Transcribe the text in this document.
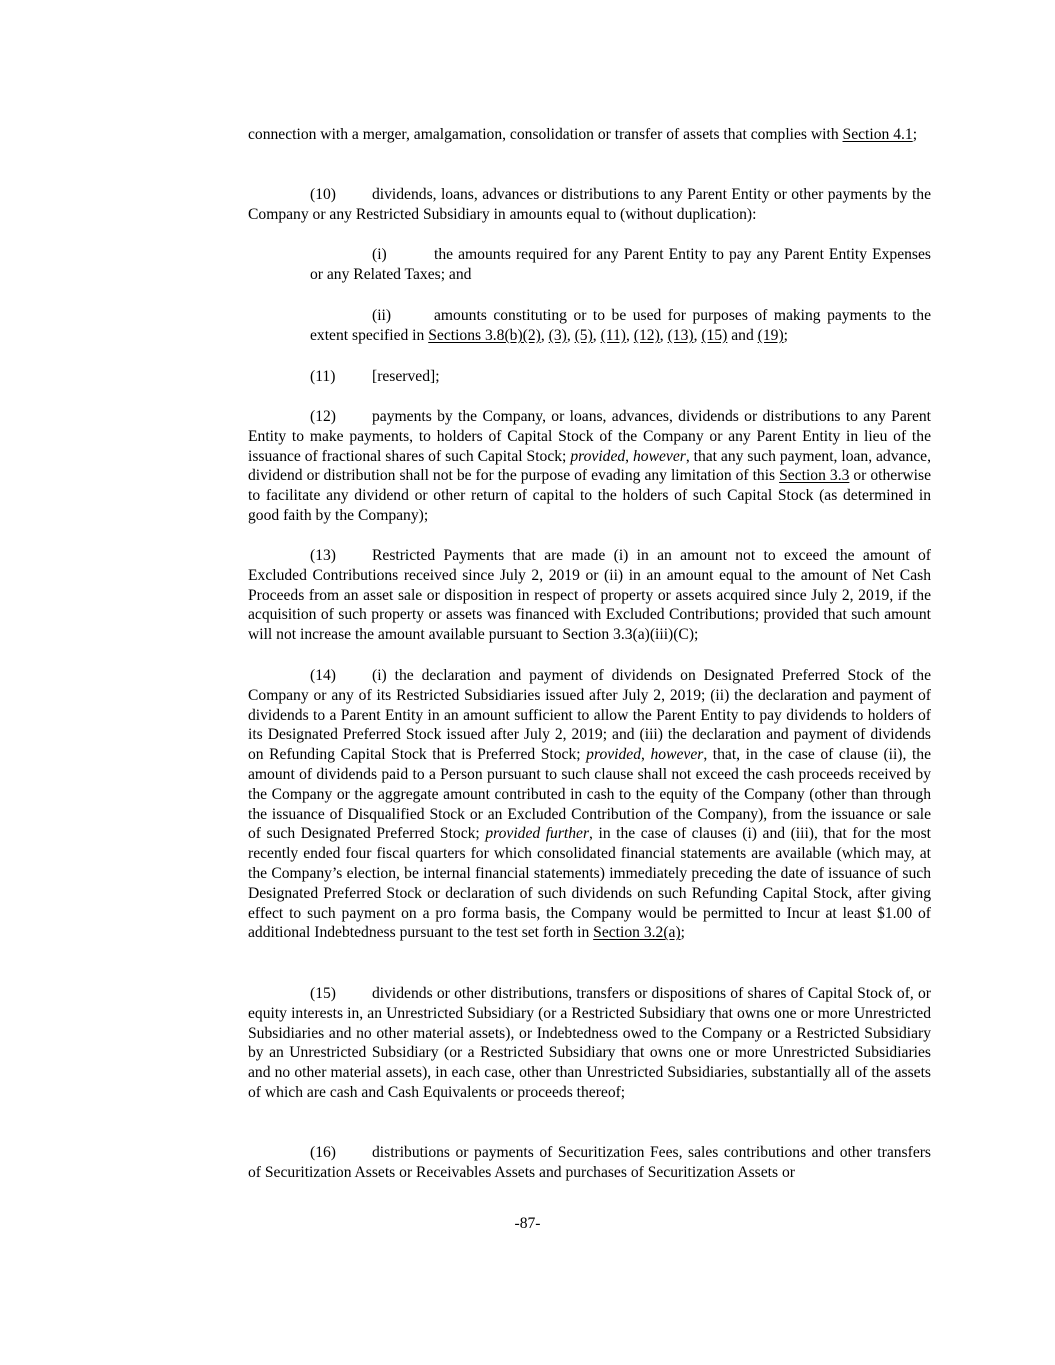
connection with a merger, amalgamation, consolidation or transfer of assets that complies with Section 4.1;
(10) dividends, loans, advances or distributions to any Parent Entity or other payments by the Company or any Restricted Subsidiary in amounts equal to (without duplication):
(i)	the amounts required for any Parent Entity to pay any Parent Entity Expenses or any Related Taxes; and
(ii)	amounts constituting or to be used for purposes of making payments to the extent specified in Sections 3.8(b)(2), (3), (5), (11), (12), (13), (15) and (19);
(11) [reserved];
(12) payments by the Company, or loans, advances, dividends or distributions to any Parent Entity to make payments, to holders of Capital Stock of the Company or any Parent Entity in lieu of the issuance of fractional shares of such Capital Stock; provided, however, that any such payment, loan, advance, dividend or distribution shall not be for the purpose of evading any limitation of this Section 3.3 or otherwise to facilitate any dividend or other return of capital to the holders of such Capital Stock (as determined in good faith by the Company);
(13) Restricted Payments that are made (i) in an amount not to exceed the amount of Excluded Contributions received since July 2, 2019 or (ii) in an amount equal to the amount of Net Cash Proceeds from an asset sale or disposition in respect of property or assets acquired since July 2, 2019, if the acquisition of such property or assets was financed with Excluded Contributions; provided that such amount will not increase the amount available pursuant to Section 3.3(a)(iii)(C);
(14) (i) the declaration and payment of dividends on Designated Preferred Stock of the Company or any of its Restricted Subsidiaries issued after July 2, 2019; (ii) the declaration and payment of dividends to a Parent Entity in an amount sufficient to allow the Parent Entity to pay dividends to holders of its Designated Preferred Stock issued after July 2, 2019; and (iii) the declaration and payment of dividends on Refunding Capital Stock that is Preferred Stock; provided, however, that, in the case of clause (ii), the amount of dividends paid to a Person pursuant to such clause shall not exceed the cash proceeds received by the Company or the aggregate amount contributed in cash to the equity of the Company (other than through the issuance of Disqualified Stock or an Excluded Contribution of the Company), from the issuance or sale of such Designated Preferred Stock; provided further, in the case of clauses (i) and (iii), that for the most recently ended four fiscal quarters for which consolidated financial statements are available (which may, at the Company’s election, be internal financial statements) immediately preceding the date of issuance of such Designated Preferred Stock or declaration of such dividends on such Refunding Capital Stock, after giving effect to such payment on a pro forma basis, the Company would be permitted to Incur at least $1.00 of additional Indebtedness pursuant to the test set forth in Section 3.2(a);
(15) dividends or other distributions, transfers or dispositions of shares of Capital Stock of, or equity interests in, an Unrestricted Subsidiary (or a Restricted Subsidiary that owns one or more Unrestricted Subsidiaries and no other material assets), or Indebtedness owed to the Company or a Restricted Subsidiary by an Unrestricted Subsidiary (or a Restricted Subsidiary that owns one or more Unrestricted Subsidiaries and no other material assets), in each case, other than Unrestricted Subsidiaries, substantially all of the assets of which are cash and Cash Equivalents or proceeds thereof;
(16) distributions or payments of Securitization Fees, sales contributions and other transfers of Securitization Assets or Receivables Assets and purchases of Securitization Assets or
-87-
